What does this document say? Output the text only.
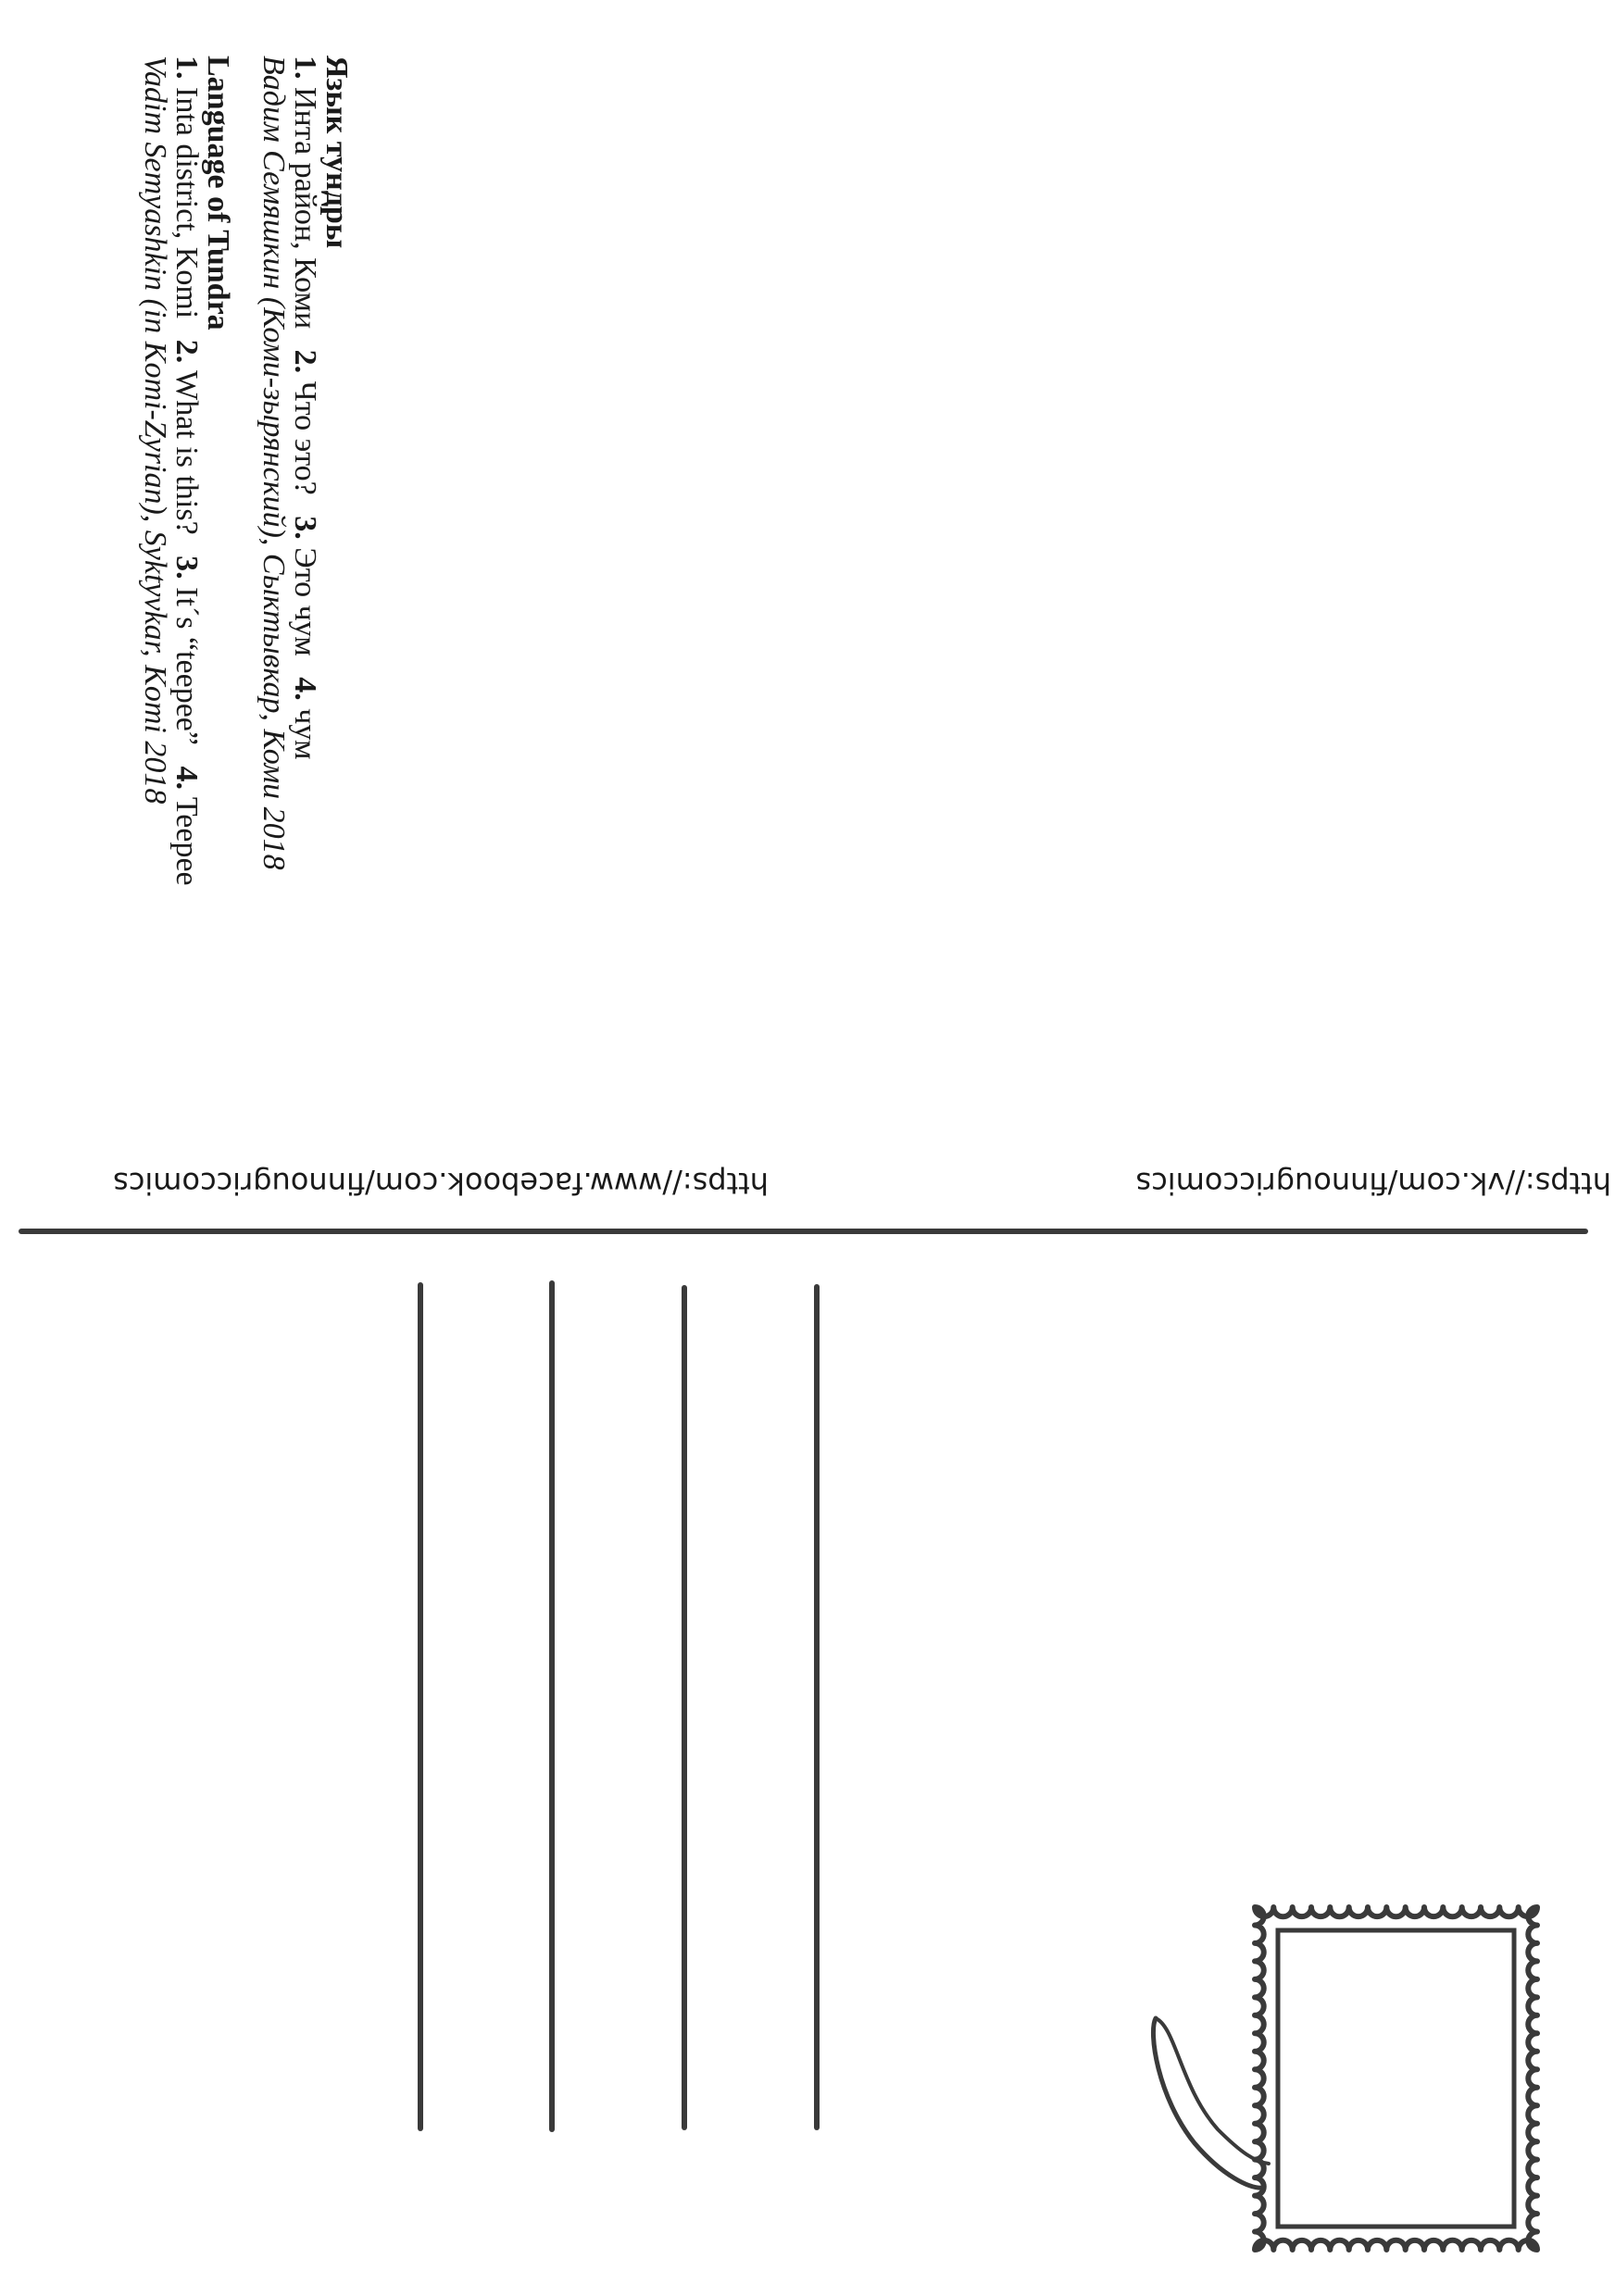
Язык тундры
1. Инта район, Коми 2. Что это? 3. Это чум 4. чум
Вадим Семяшкин (Коми-зырянский), Сыктывкар, Коми 2018
Language of Tundra
1. Inta district, Komi 2. What is this? 3. It´s “teepee” 4. Teepee
Vadim Semyashkin (in Komi-Zyrian), Syktyvkar, Komi 2018
https://www.facebook.com/finnougriccomics	https://vk.com/finnougriccomics
